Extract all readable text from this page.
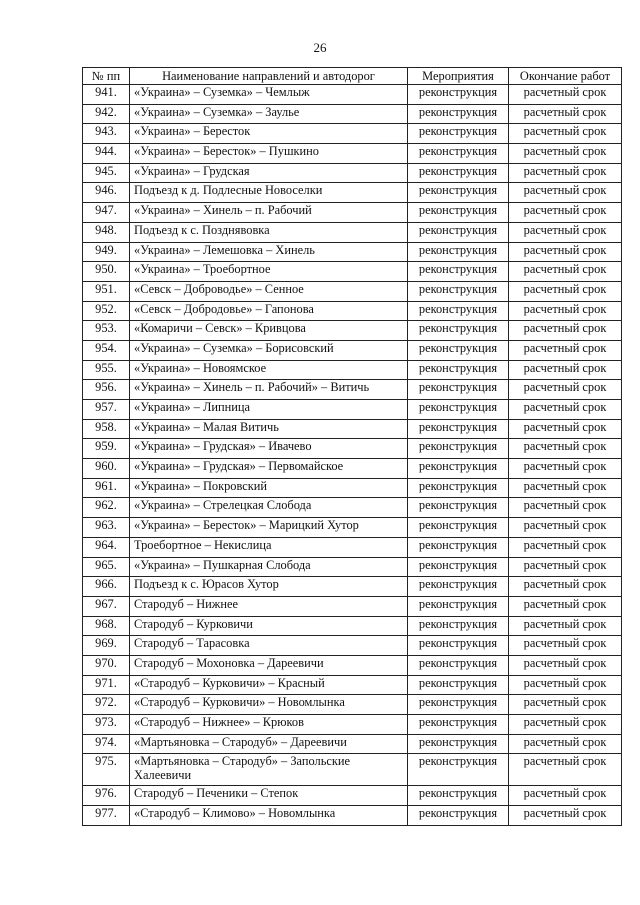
26
№ пп	Наименование направлений и автодорог	Мероприятия	Окончание работ
941.	«Украина» – Суземка» – Чемлыж	реконструкция	расчетный срок
942.	«Украина» – Суземка» – Заулье	реконструкция	расчетный срок
943.	«Украина» – Береcток	реконструкция	расчетный срок
944.	«Украина» – Береcток» – Пушкино	реконструкция	расчетный срок
945.	«Украина» – Грудская	реконструкция	расчетный срок
946.	Подъезд к д. Подлесные Новоселки	реконструкция	расчетный срок
947.	«Украина» – Хинель – п. Рабочий	реконструкция	расчетный срок
948.	Подъезд к с. Позднявовка	реконструкция	расчетный срок
949.	«Украина» – Лемешовка – Хинель	реконструкция	расчетный срок
950.	«Украина» – Троебортное	реконструкция	расчетный срок
951.	«Севск – Доброводье» – Сенное	реконструкция	расчетный срок
952.	«Севск – Добродовье» – Гапонова	реконструкция	расчетный срок
953.	«Комаричи – Севск» – Кривцова	реконструкция	расчетный срок
954.	«Украина» – Суземка» – Борисовский	реконструкция	расчетный срок
955.	«Украина» – Новоямское	реконструкция	расчетный срок
956.	«Украина» – Хинель – п. Рабочий» – Витичь	реконструкция	расчетный срок
957.	«Украина» – Липница	реконструкция	расчетный срок
958.	«Украина» – Малая Витичь	реконструкция	расчетный срок
959.	«Украина» – Грудская» – Ивачево	реконструкция	расчетный срок
960.	«Украина» – Грудская» – Первомайское	реконструкция	расчетный срок
961.	«Украина» – Покровский	реконструкция	расчетный срок
962.	«Украина» – Стрелецкая Слобода	реконструкция	расчетный срок
963.	«Украина» – Береcток» – Марицкий Хутор	реконструкция	расчетный срок
964.	Троебортное – Некислица	реконструкция	расчетный срок
965.	«Украина» – Пушкарная Слобода	реконструкция	расчетный срок
966.	Подъезд к с. Юрасов Хутор	реконструкция	расчетный срок
967.	Стародуб – Нижнее	реконструкция	расчетный срок
968.	Стародуб – Курковичи	реконструкция	расчетный срок
969.	Стародуб – Тарасовка	реконструкция	расчетный срок
970.	Стародуб – Мохоновка – Дареевичи	реконструкция	расчетный срок
971.	«Стародуб – Курковичи» – Красный	реконструкция	расчетный срок
972.	«Стародуб – Курковичи» – Новомлынка	реконструкция	расчетный срок
973.	«Стародуб – Нижнее» – Крюков	реконструкция	расчетный срок
974.	«Мартьяновка – Стародуб» – Дареевичи	реконструкция	расчетный срок
975.	«Мартьяновка – Стародуб» – Запольские Халеевичи	реконструкция	расчетный срок
976.	Стародуб – Печеники – Степок	реконструкция	расчетный срок
977.	«Стародуб – Климово» – Новомлынка	реконструкция	расчетный срок
